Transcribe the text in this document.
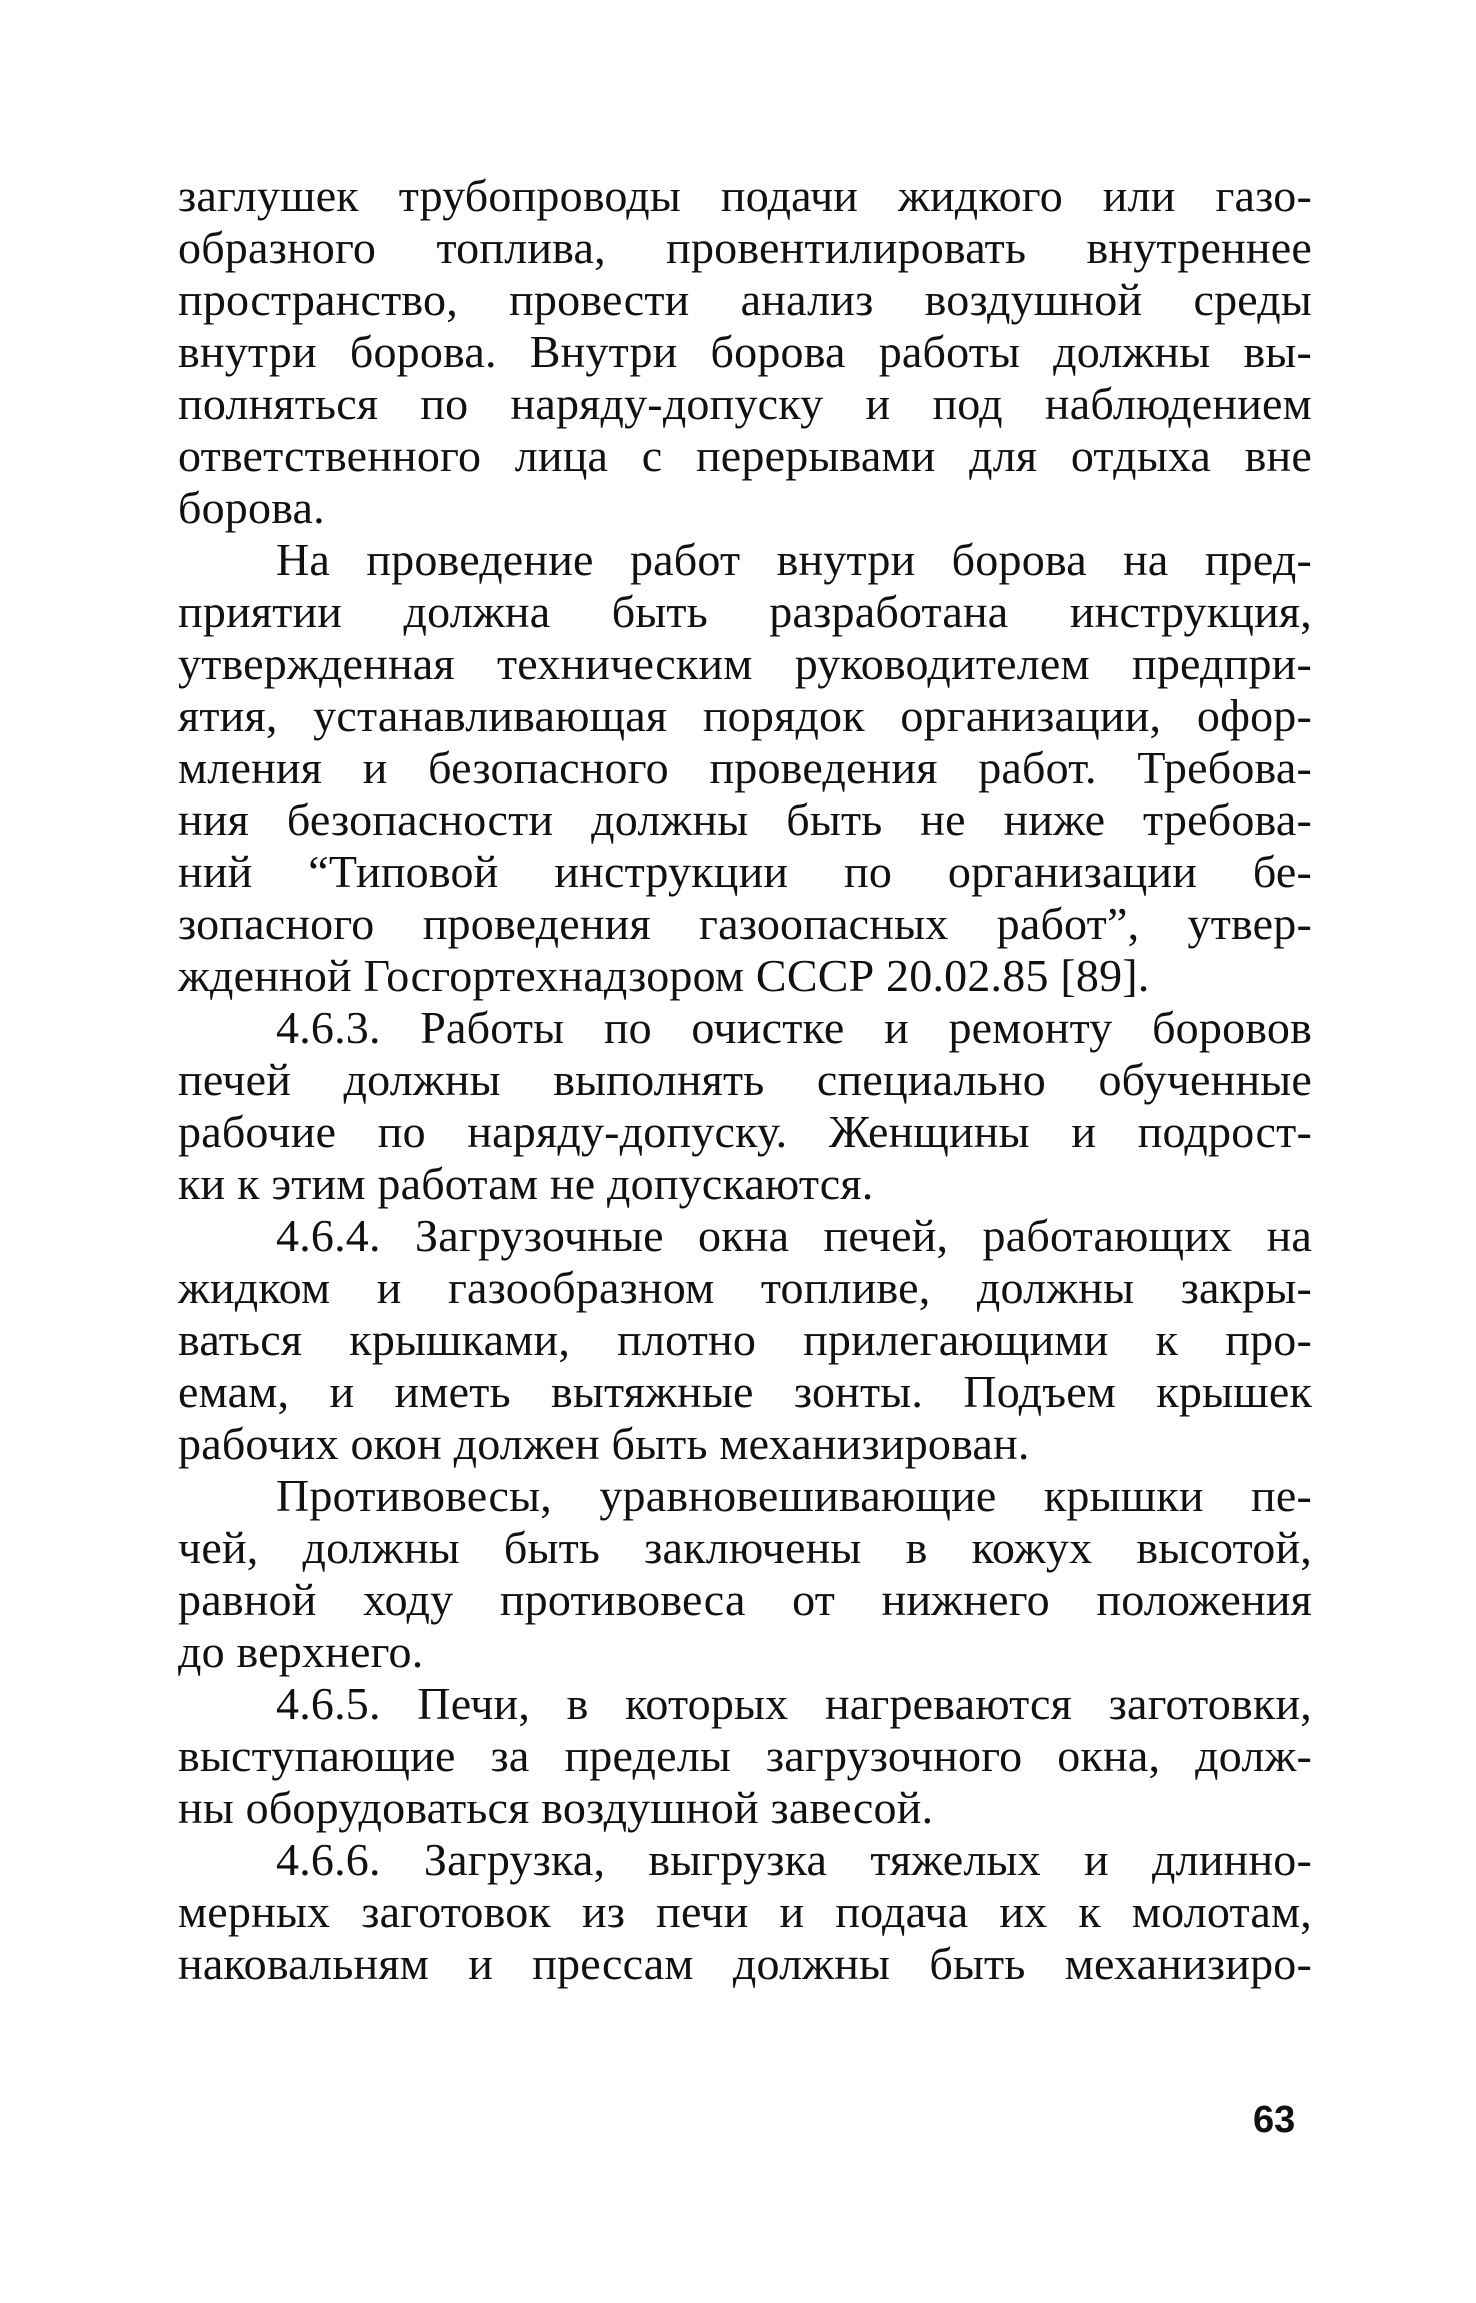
заглушек трубопроводы подачи жидкого или газо-
образного топлива, провентилировать внутреннее
пространство, провести анализ воздушной среды
внутри борова. Внутри борова работы должны вы-
полняться по наряду-допуску и под наблюдением
ответственного лица с перерывами для отдыха вне
борова.
На проведение работ внутри борова на пред-
приятии должна быть разработана инструкция,
утвержденная техническим руководителем предпри-
ятия, устанавливающая порядок организации, офор-
мления и безопасного проведения работ. Требова-
ния безопасности должны быть не ниже требова-
ний “Типовой инструкции по организации бе-
зопасного проведения газоопасных работ”, утвер-
жденной Госгортехнадзором СССР 20.02.85 [89].
4.6.3. Работы по очистке и ремонту боровов
печей должны выполнять специально обученные
рабочие по наряду-допуску. Женщины и подрост-
ки к этим работам не допускаются.
4.6.4. Загрузочные окна печей, работающих на
жидком и газообразном топливе, должны закры-
ваться крышками, плотно прилегающими к про-
емам, и иметь вытяжные зонты. Подъем крышек
рабочих окон должен быть механизирован.
Противовесы, уравновешивающие крышки пе-
чей, должны быть заключены в кожух высотой,
равной ходу противовеса от нижнего положения
до верхнего.
4.6.5. Печи, в которых нагреваются заготовки,
выступающие за пределы загрузочного окна, долж-
ны оборудоваться воздушной завесой.
4.6.6. Загрузка, выгрузка тяжелых и длинно-
мерных заготовок из печи и подача их к молотам,
наковальням и прессам должны быть механизиро-
63
